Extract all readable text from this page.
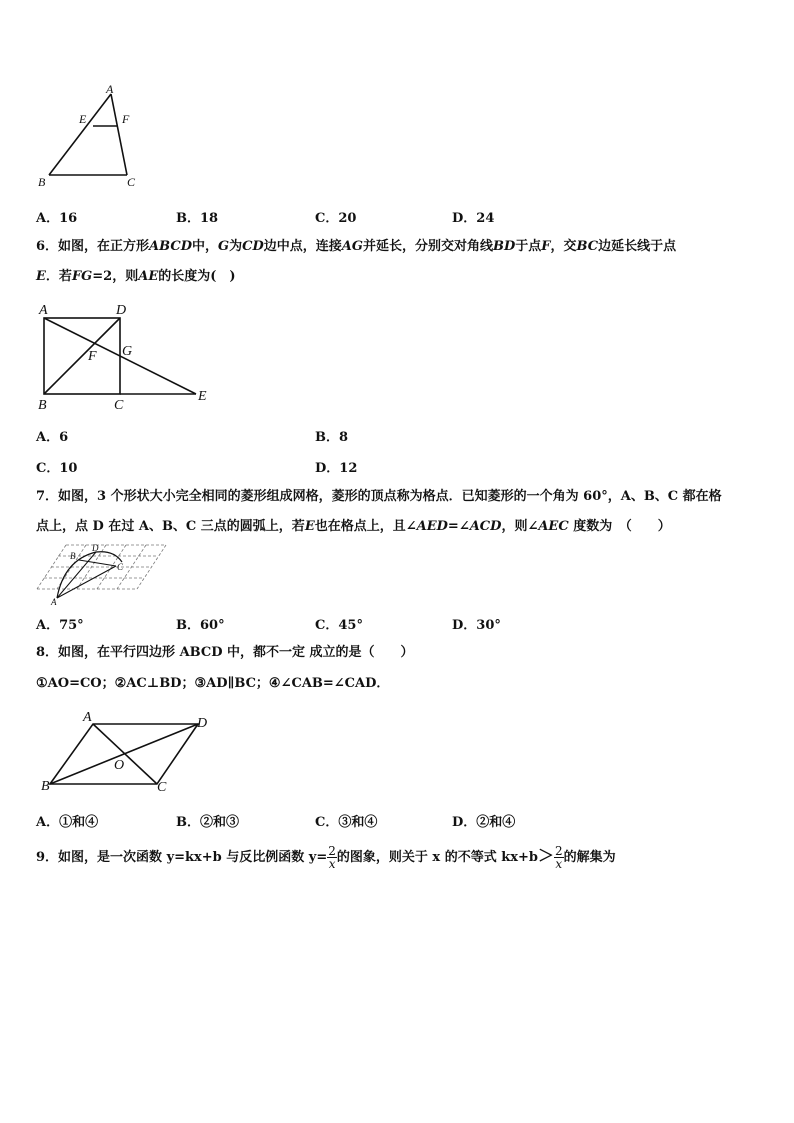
A
E	F
B	C
A．16	B．18	C．20	D．24
6．如图，在正方形ABCD中，G为CD边中点，连接AG并延长，分别交对角线BD于点F，交BC边延长线于点
E．若FG=2，则AE的长度为(　)
A	D
F G
B	C
E
A．6	B．8
C．10	D．12
7．如图，3 个形状大小完全相同的菱形组成网格，菱形的顶点称为格点．已知菱形的一个角为 60°，A、B、C 都在格
点上，点 D 在过 A、B、C 三点的圆弧上，若E也在格点上，且∠AED=∠ACD，则∠AEC 度数为　（　　）
A
B
D
C
A．75°	B．60°	C．45°	D．30°
8．如图，在平行四边形 ABCD 中，都不一定 成立的是（　　）
①AO=CO；②AC⊥BD；③AD∥BC；④∠CAB=∠CAD．
A	D
O
B	C
A．①和④	B．②和③	C．③和④	D．②和④
9．如图，是一次函数 y=kx+b 与反比例函数 $y= \frac{2}{x}$ 的图象，则关于 x 的不等式 $kx+b> \frac{2}{x}$ 的解集为
